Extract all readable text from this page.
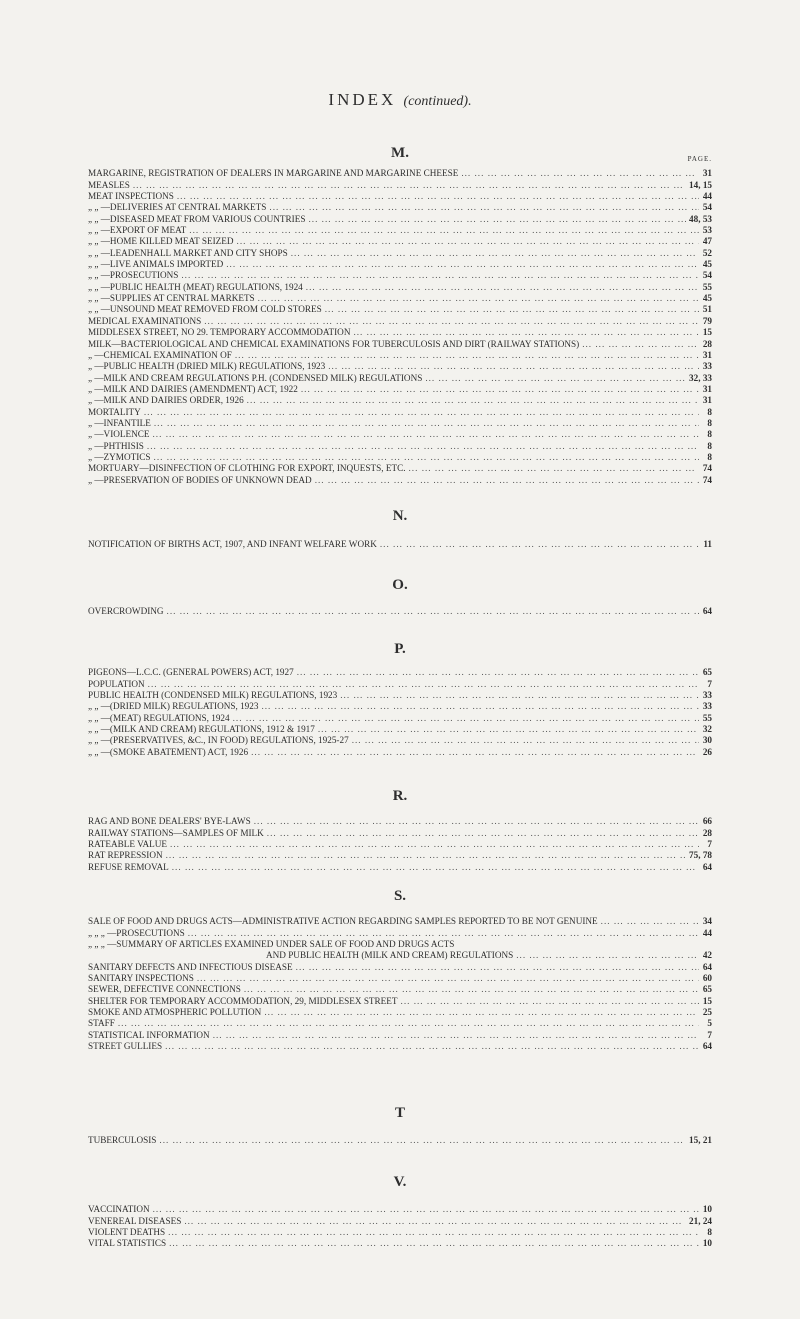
INDEX (continued).
M.	PAGE.
MARGARINE, REGISTRATION OF DEALERS IN MARGARINE AND MARGARINE CHEESE ... .	31
MEASLES ... .	14, 15
MEAT INSPECTIONS ... .	44
„ „ —DELIVERIES AT CENTRAL MARKETS ... .	54
„ „ —DISEASED MEAT FROM VARIOUS COUNTRIES ... .	48, 53
„ „ —EXPORT OF MEAT ... .	53
„ „ —HOME KILLED MEAT SEIZED ... .	47
„ „ —LEADENHALL MARKET AND CITY SHOPS ... .	52
„ „ —LIVE ANIMALS IMPORTED ... .	45
„ „ —PROSECUTIONS ... .	54
„ „ —PUBLIC HEALTH (MEAT) REGULATIONS, 1924 ... .	55
„ „ —SUPPLIES AT CENTRAL MARKETS ... .	45
„ „ —UNSOUND MEAT REMOVED FROM COLD STORES ... .	51
MEDICAL EXAMINATIONS ... .	79
MIDDLESEX STREET, NO 29. TEMPORARY ACCOMMODATION ... .	15
MILK—BACTERIOLOGICAL AND CHEMICAL EXAMINATIONS FOR TUBERCULOSIS AND DIRT (RAILWAY STATIONS) ... .	28
„ —CHEMICAL EXAMINATION OF ... .	31
„ —PUBLIC HEALTH (DRIED MILK) REGULATIONS, 1923 ... .	33
„ —MILK AND CREAM REGULATIONS P.H. (CONDENSED MILK) REGULATIONS ... .	32, 33
„ —MILK AND DAIRIES (AMENDMENT) ACT, 1922 ... .	31
„ —MILK AND DAIRIES ORDER, 1926 ... .	31
MORTALITY ... .	8
„ —INFANTILE ... .	8
„ —VIOLENCE ... .	8
„ —PHTHISIS ... .	8
„ —ZYMOTICS ... .	8
MORTUARY—DISINFECTION OF CLOTHING FOR EXPORT, INQUESTS, ETC. ... .	74
„ —PRESERVATION OF BODIES OF UNKNOWN DEAD ... .	74
N.
NOTIFICATION OF BIRTHS ACT, 1907, AND INFANT WELFARE WORK ... .	11
O.
OVERCROWDING ... .	64
P.
PIGEONS—L.C.C. (GENERAL POWERS) ACT, 1927 ... .	65
POPULATION ... .	7
PUBLIC HEALTH (CONDENSED MILK) REGULATIONS, 1923 ... .	33
„ „ —(DRIED MILK) REGULATIONS, 1923 ... .	33
„ „ —(MEAT) REGULATIONS, 1924 ... .	55
„ „ —(MILK AND CREAM) REGULATIONS, 1912 & 1917 ... .	32
„ „ —(PRESERVATIVES, &C., IN FOOD) REGULATIONS, 1925-27 ... .	30
„ „ —(SMOKE ABATEMENT) ACT, 1926 ... .	26
R.
RAG AND BONE DEALERS' BYE-LAWS ... .	66
RAILWAY STATIONS—SAMPLES OF MILK ... .	28
RATEABLE VALUE ... .	7
RAT REPRESSION ... .	75, 78
REFUSE REMOVAL ... .	64
S.
SALE OF FOOD AND DRUGS ACTS—ADMINISTRATIVE ACTION REGARDING SAMPLES REPORTED TO BE NOT GENUINE ... .	34
„ „ „ —PROSECUTIONS ... .	44
„ „ „ —SUMMARY OF ARTICLES EXAMINED UNDER SALE OF FOOD AND DRUGS ACTS
AND PUBLIC HEALTH (MILK AND CREAM) REGULATIONS ... .	42
SANITARY DEFECTS AND INFECTIOUS DISEASE ... .	64
SANITARY INSPECTIONS ... .	60
SEWER, DEFECTIVE CONNECTIONS ... .	65
SHELTER FOR TEMPORARY ACCOMMODATION, 29, MIDDLESEX STREET ... .	15
SMOKE AND ATMOSPHERIC POLLUTION ... .	25
STAFF ... .	5
STATISTICAL INFORMATION ... .	7
STREET GULLIES ... .	64
T
TUBERCULOSIS ... .	15, 21
V.
VACCINATION ... .	10
VENEREAL DISEASES ... .	21, 24
VIOLENT DEATHS ... .	8
VITAL STATISTICS ... .	10
